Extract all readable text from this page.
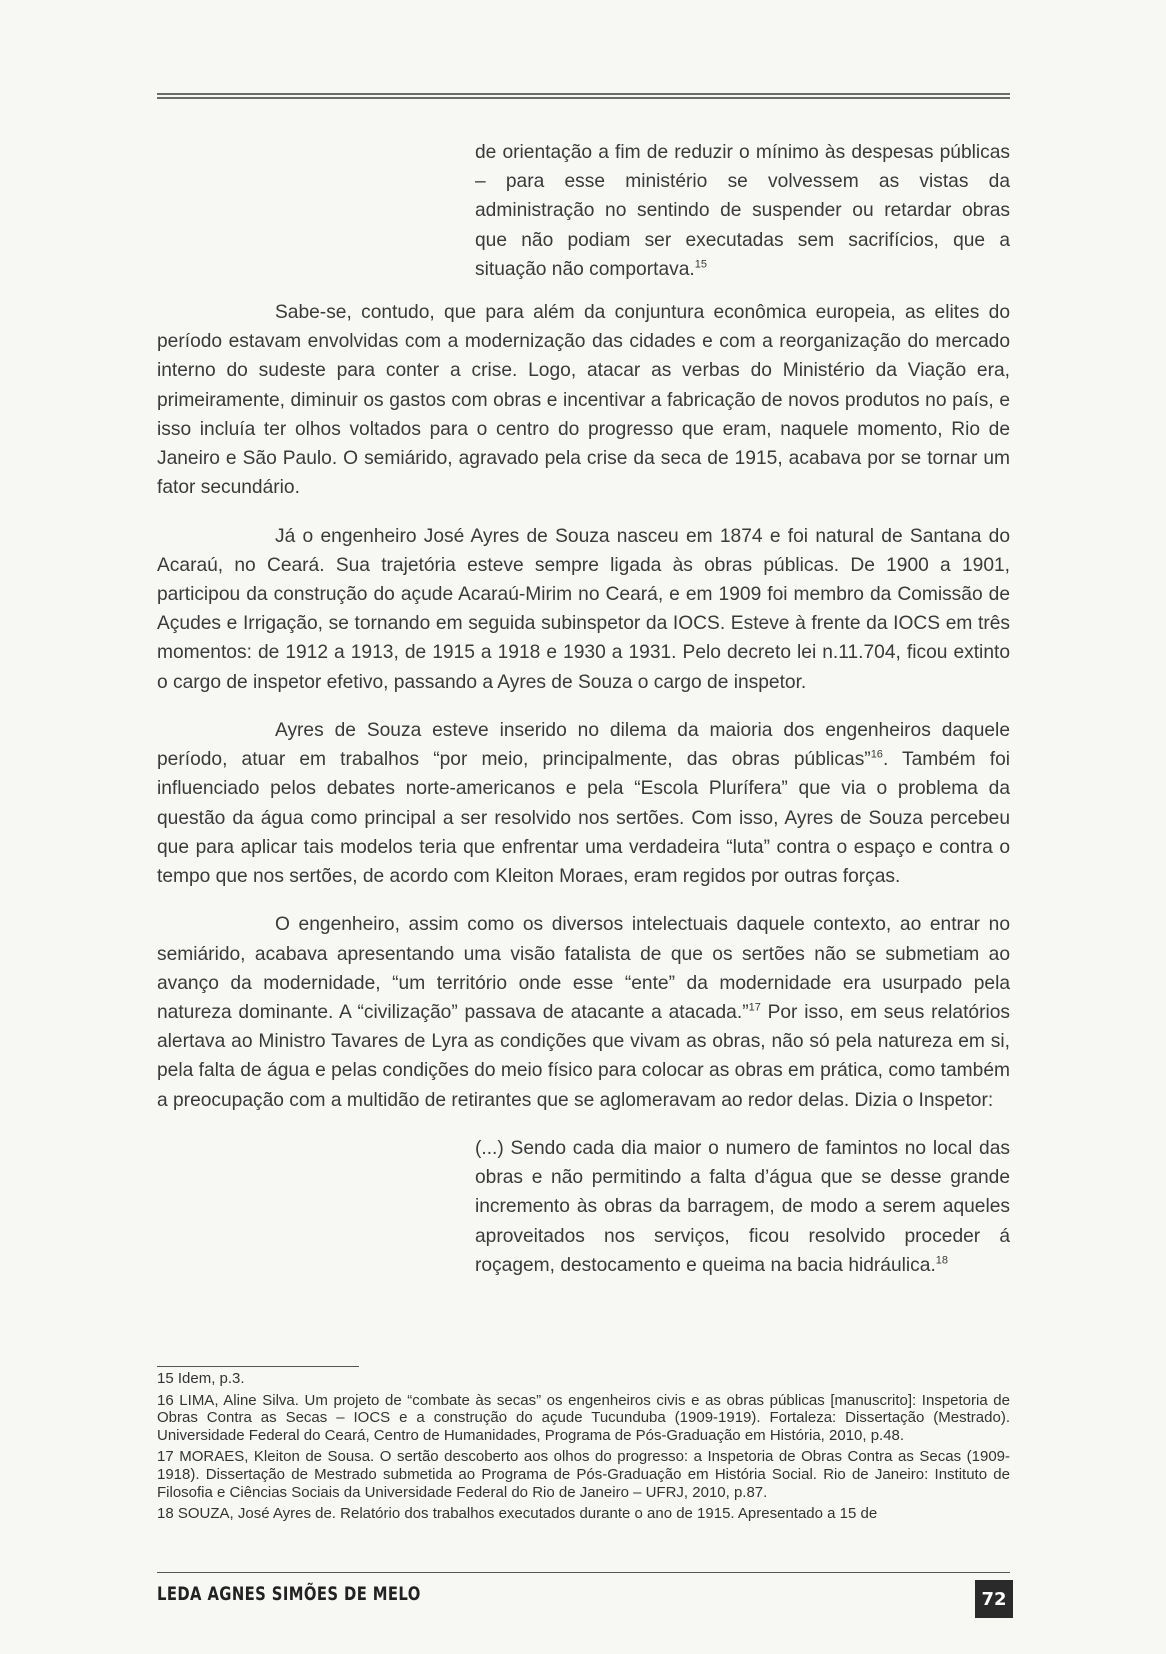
de orientação a fim de reduzir o mínimo às despesas públicas – para esse ministério se volvessem as vistas da administração no sentindo de suspender ou retardar obras que não podiam ser executadas sem sacrifícios, que a situação não comportava.$^{15}$

Sabe-se, contudo, que para além da conjuntura econômica europeia, as elites do período estavam envolvidas com a modernização das cidades e com a reorganização do mercado interno do sudeste para conter a crise. Logo, atacar as verbas do Ministério da Viação era, primeiramente, diminuir os gastos com obras e incentivar a fabricação de novos produtos no país, e isso incluía ter olhos voltados para o centro do progresso que eram, naquele momento, Rio de Janeiro e São Paulo. O semiárido, agravado pela crise da seca de 1915, acabava por se tornar um fator secundário.

Já o engenheiro José Ayres de Souza nasceu em 1874 e foi natural de Santana do Acaraú, no Ceará. Sua trajetória esteve sempre ligada às obras públicas. De 1900 a 1901, participou da construção do açude Acaraú-Mirim no Ceará, e em 1909 foi membro da Comissão de Açudes e Irrigação, se tornando em seguida subinspetor da IOCS. Esteve à frente da IOCS em três momentos: de 1912 a 1913, de 1915 a 1918 e 1930 a 1931. Pelo decreto lei n.11.704, ficou extinto o cargo de inspetor efetivo, passando a Ayres de Souza o cargo de inspetor.

Ayres de Souza esteve inserido no dilema da maioria dos engenheiros daquele período, atuar em trabalhos “por meio, principalmente, das obras públicas”$^{16}$. Também foi influenciado pelos debates norte-americanos e pela “Escola Plurífera” que via o problema da questão da água como principal a ser resolvido nos sertões. Com isso, Ayres de Souza percebeu que para aplicar tais modelos teria que enfrentar uma verdadeira “luta” contra o espaço e contra o tempo que nos sertões, de acordo com Kleiton Moraes, eram regidos por outras forças.

O engenheiro, assim como os diversos intelectuais daquele contexto, ao entrar no semiárido, acabava apresentando uma visão fatalista de que os sertões não se submetiam ao avanço da modernidade, “um território onde esse “ente” da modernidade era usurpado pela natureza dominante. A “civilização” passava de atacante a atacada.”$^{17}$ Por isso, em seus relatórios alertava ao Ministro Tavares de Lyra as condições que vivam as obras, não só pela natureza em si, pela falta de água e pelas condições do meio físico para colocar as obras em prática, como também a preocupação com a multidão de retirantes que se aglomeravam ao redor delas. Dizia o Inspetor:

(...) Sendo cada dia maior o numero de famintos no local das obras e não permitindo a falta d’água que se desse grande incremento às obras da barragem, de modo a serem aqueles aproveitados nos serviços, ficou resolvido proceder á roçagem, destocamento e queima na bacia hidráulica.$^{18}$

15 Idem, p.3.

16 LIMA, Aline Silva. Um projeto de “combate às secas” os engenheiros civis e as obras públicas [manuscrito]: Inspetoria de Obras Contra as Secas – IOCS e a construção do açude Tucunduba (1909-1919). Fortaleza: Dissertação (Mestrado). Universidade Federal do Ceará, Centro de Humanidades, Programa de Pós-Graduação em História, 2010, p.48.

17 MORAES, Kleiton de Sousa. O sertão descoberto aos olhos do progresso: a Inspetoria de Obras Contra as Secas (1909-1918). Dissertação de Mestrado submetida ao Programa de Pós-Graduação em História Social. Rio de Janeiro: Instituto de Filosofia e Ciências Sociais da Universidade Federal do Rio de Janeiro – UFRJ, 2010, p.87.

18 SOUZA, José Ayres de. Relatório dos trabalhos executados durante o ano de 1915. Apresentado a 15 de

LEDA AGNES SIMÕES DE MELO	72
